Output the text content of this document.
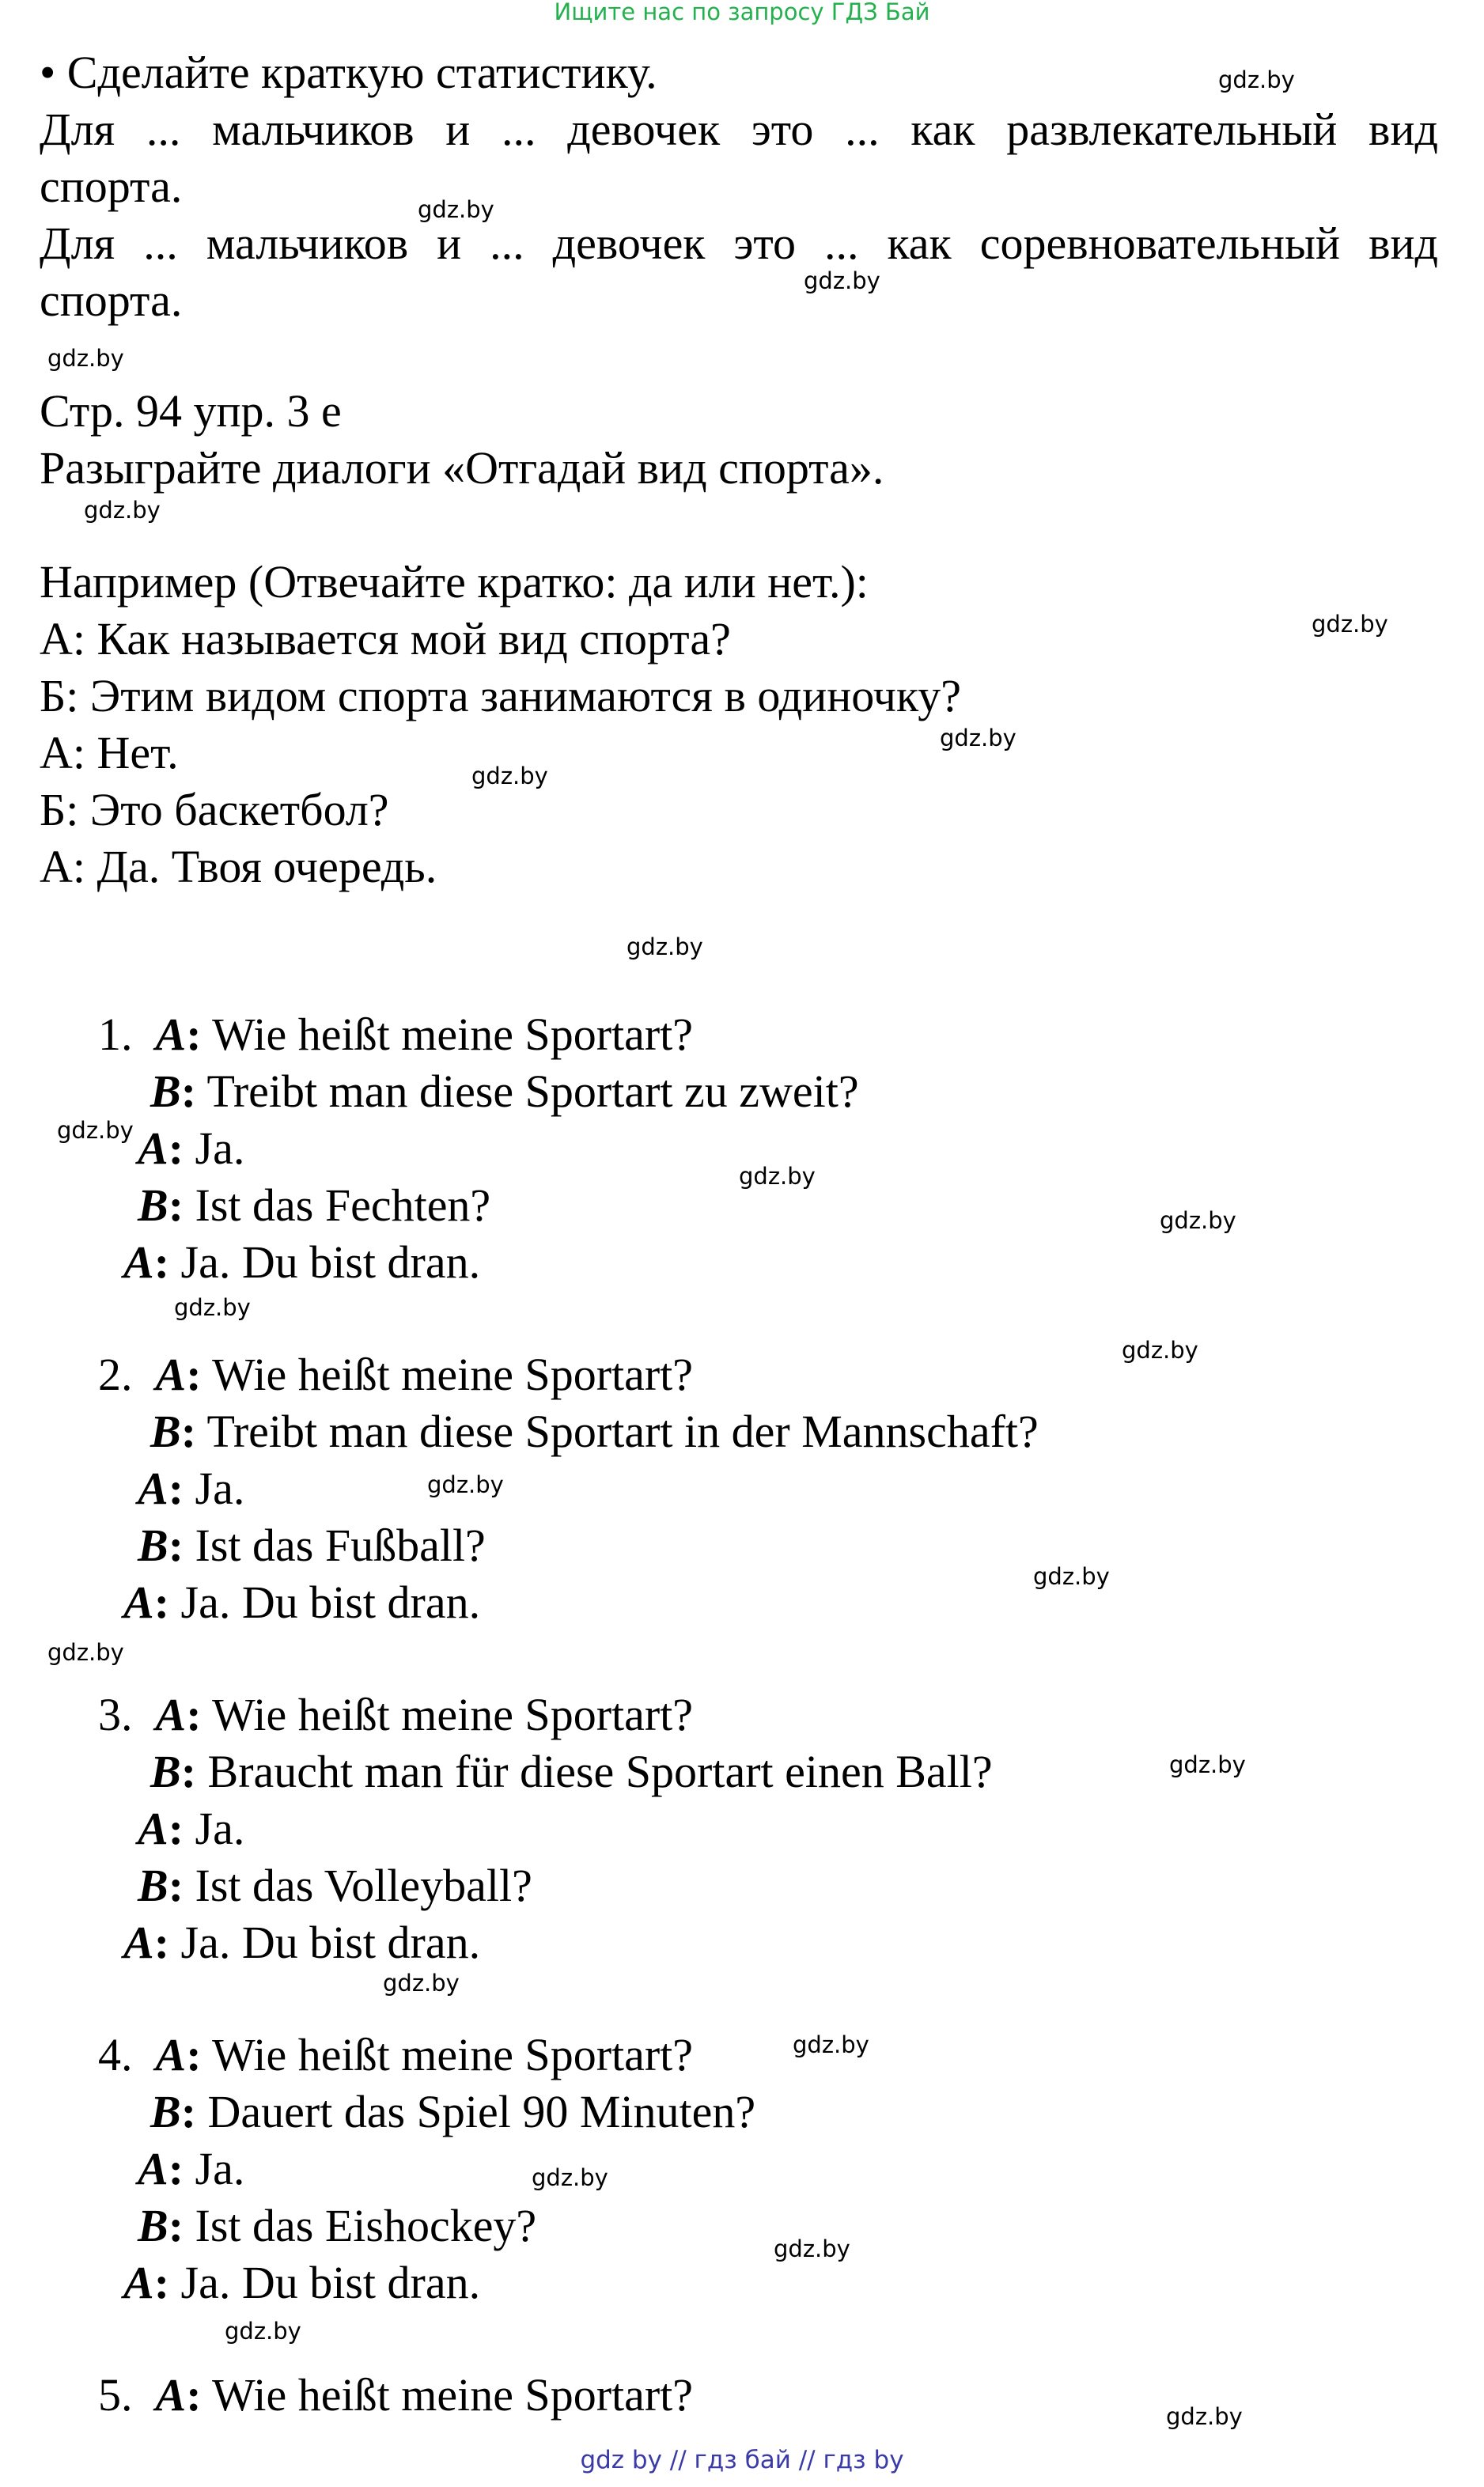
Ищите нас по запросу ГДЗ Бай
• Сделайте краткую статистику.
Для ... мальчиков и ... девочек это ... как развлекательный вид
спорта.
Для ... мальчиков и ... девочек это ... как соревновательный вид
спорта.
Стр. 94 упр. 3 е
Разыграйте диалоги «Отгадай вид спорта».
Например (Отвечайте кратко: да или нет.):
А: Как называется мой вид спорта?
Б: Этим видом спорта занимаются в одиночку?
А: Нет.
Б: Это баскетбол?
А: Да. Твоя очередь.
1. A: Wie heißt meine Sportart?
B: Treibt man diese Sportart zu zweit?
A: Ja.
B: Ist das Fechten?
A: Ja. Du bist dran.
2. A: Wie heißt meine Sportart?
B: Treibt man diese Sportart in der Mannschaft?
A: Ja.
B: Ist das Fußball?
A: Ja. Du bist dran.
3. A: Wie heißt meine Sportart?
B: Braucht man für diese Sportart einen Ball?
A: Ja.
B: Ist das Volleyball?
A: Ja. Du bist dran.
4. A: Wie heißt meine Sportart?
B: Dauert das Spiel 90 Minuten?
A: Ja.
B: Ist das Eishockey?
A: Ja. Du bist dran.
5. A: Wie heißt meine Sportart?
gdz.by
gdz.by
gdz.by
gdz.by
gdz.by
gdz.by
gdz.by
gdz.by
gdz.by
gdz.by
gdz.by
gdz.by
gdz.by
gdz.by
gdz.by
gdz.by
gdz.by
gdz.by
gdz.by
gdz.by
gdz.by
gdz.by
gdz.by
gdz.by
gdz by // гдз бай // гдз by
